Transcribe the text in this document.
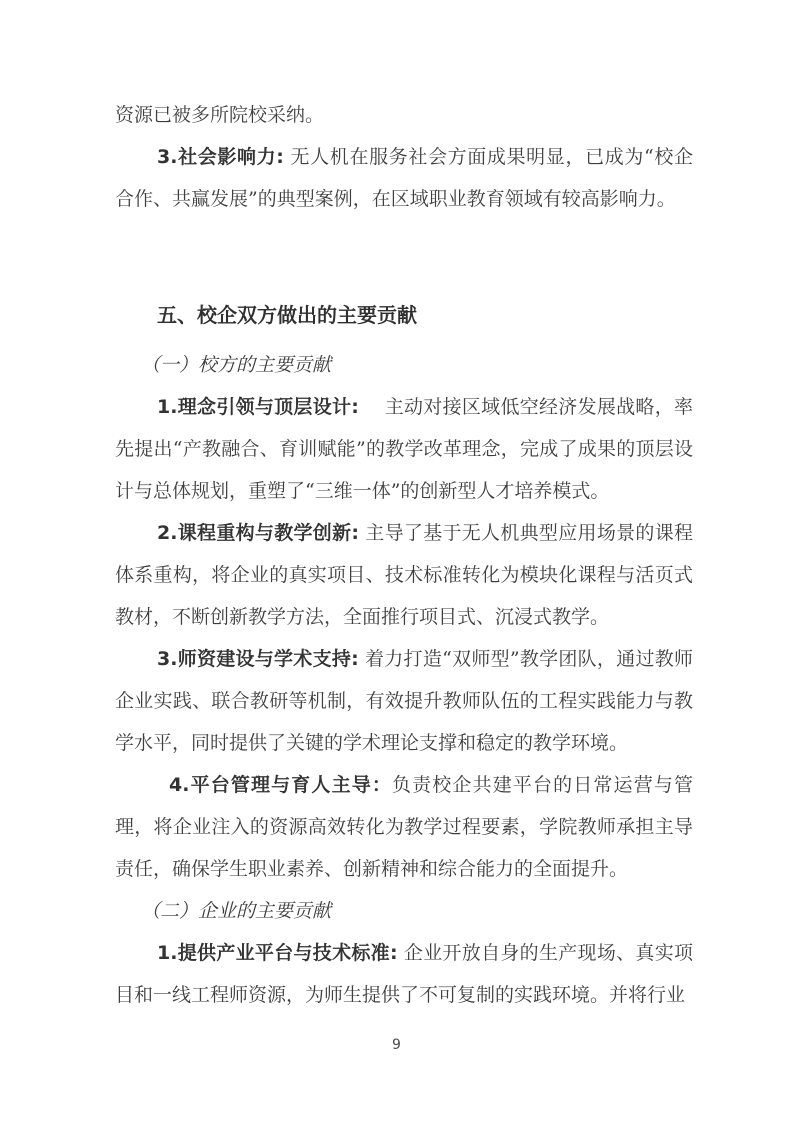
资源已被多所院校采纳。

3.社会影响力: 无人机在服务社会方面成果明显，已成为“校企合作、共赢发展”的典型案例，在区域职业教育领域有较高影响力。

五、校企双方做出的主要贡献

（一）校方的主要贡献

1.理念引领与顶层设计:　 主动对接区域低空经济发展战略，率先提出“产教融合、育训赋能”的教学改革理念，完成了成果的顶层设计与总体规划，重塑了“三维一体”的创新型人才培养模式。

2.课程重构与教学创新: 主导了基于无人机典型应用场景的课程体系重构，将企业的真实项目、技术标准转化为模块化课程与活页式教材，不断创新教学方法，全面推行项目式、沉浸式教学。

3.师资建设与学术支持: 着力打造“双师型”教学团队，通过教师企业实践、联合教研等机制，有效提升教师队伍的工程实践能力与教学水平，同时提供了关键的学术理论支撑和稳定的教学环境。

4.平台管理与育人主导：负责校企共建平台的日常运营与管理，将企业注入的资源高效转化为教学过程要素，学院教师承担主导责任，确保学生职业素养、创新精神和综合能力的全面提升。

（二）企业的主要贡献

1.提供产业平台与技术标准: 企业开放自身的生产现场、真实项目和一线工程师资源，为师生提供了不可复制的实践环境。并将行业

9
